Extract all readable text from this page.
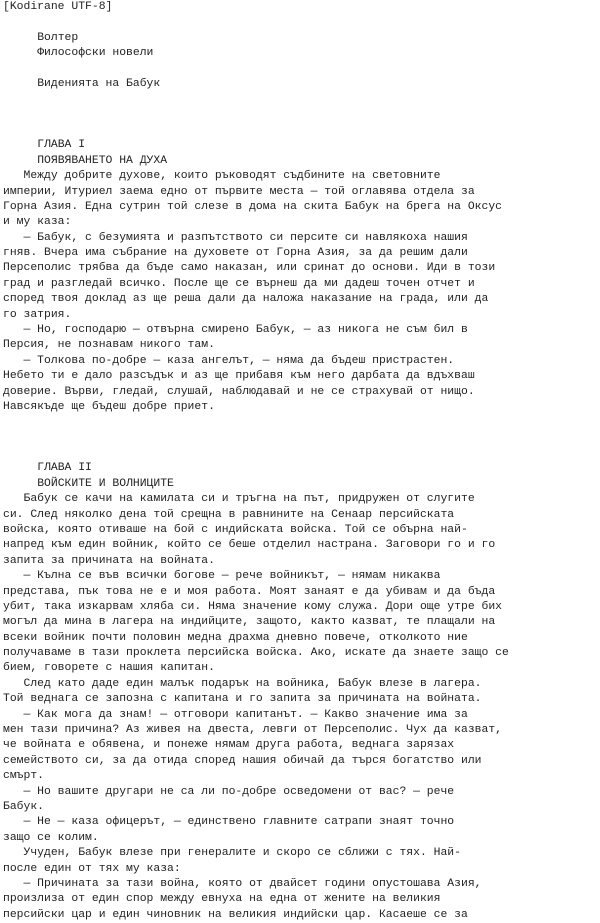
[Kodirane UTF-8]
Волтер
Философски новели
Виденията на Бабук
ГЛАВА I
ПОЯВЯВАНЕТО НА ДУХА
Между добрите духове, които ръководят съдбините на световните
империи, Итуриел заема едно от първите места — той оглавява отдела за
Горна Азия. Една сутрин той слезе в дома на скита Бабук на брега на Оксус
и му каза:
— Бабук, с безумията и разпътството си персите си навлякоха нашия
гняв. Вчера има събрание на духовете от Горна Азия, за да решим дали
Персеполис трябва да бъде само наказан, или сринат до основи. Иди в този
град и разгледай всичко. После ще се върнеш да ми дадеш точен отчет и
според твоя доклад аз ще реша дали да наложа наказание на града, или да
го затрия.
— Но, господарю — отвърна смирено Бабук, — аз никога не съм бил в
Персия, не познавам никого там.
— Толкова по-добре — каза ангелът, — няма да бъдеш пристрастен.
Небето ти е дало разсъдък и аз ще прибавя към него дарбата да вдъхваш
доверие. Върви, гледай, слушай, наблюдавай и не се страхувай от нищо.
Навсякъде ще бъдеш добре приет.
ГЛАВА II
ВОЙСКИТЕ И ВОЛНИЦИТЕ
Бабук се качи на камилата си и тръгна на път, придружен от слугите
си. След няколко дена той срещна в равнините на Сенаар персийската
войска, която отиваше на бой с индийската войска. Той се обърна най-
напред към един войник, който се беше отделил настрана. Заговори го и го
запита за причината на войната.
— Кълна се във всички богове — рече войникът, — нямам никаква
представа, пък това не е и моя работа. Моят занаят е да убивам и да бъда
убит, така изкарвам хляба си. Няма значение кому служа. Дори още утре бих
могъл да мина в лагера на индийците, защото, както казват, те плащали на
всеки войник почти половин медна драхма дневно повече, отколкото ние
получаваме в тази проклета персийска войска. Ако, искате да знаете защо се
бием, говорете с нашия капитан.
След като даде един малък подарък на войника, Бабук влезе в лагера.
Той веднага се запозна с капитана и го запита за причината на войната.
— Как мога да знам! — отговори капитанът. — Какво значение има за
мен тази причина? Аз живея на двеста, левги от Персеполис. Чух да казват,
че войната е обявена, и понеже нямам друга работа, веднага зарязах
семейството си, за да отида според нашия обичай да търся богатство или
смърт.
— Но вашите другари не са ли по-добре осведомени от вас? — рече
Бабук.
— Не — каза офицерът, — единствено главните сатрапи знаят точно
защо се колим.
Учуден, Бабук влезе при генералите и скоро се сближи с тях. Най-
после един от тях му каза:
— Причината за тази война, която от двайсет години опустошава Азия,
произлиза от един спор между евнуха на една от жените на великия
персийски цар и един чиновник на великия индийски цар. Касаеше се за
